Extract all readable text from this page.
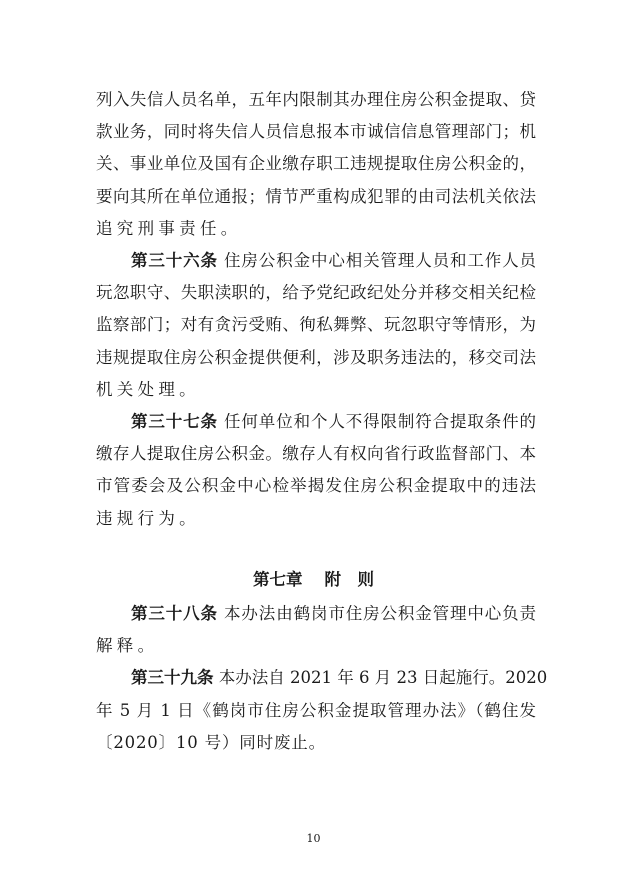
列入失信人员名单，五年内限制其办理住房公积金提取、贷
款业务，同时将失信人员信息报本市诚信信息管理部门；机
关、事业单位及国有企业缴存职工违规提取住房公积金的，
要向其所在单位通报；情节严重构成犯罪的由司法机关依法
追究刑事责任。
第三十六条 住房公积金中心相关管理人员和工作人员
玩忽职守、失职渎职的，给予党纪政纪处分并移交相关纪检
监察部门；对有贪污受贿、徇私舞弊、玩忽职守等情形，为
违规提取住房公积金提供便利，涉及职务违法的，移交司法
机关处理。
第三十七条 任何单位和个人不得限制符合提取条件的
缴存人提取住房公积金。缴存人有权向省行政监督部门、本
市管委会及公积金中心检举揭发住房公积金提取中的违法
违规行为。
第七章 附　则
第三十八条 本办法由鹤岗市住房公积金管理中心负责
解释。
第三十九条 本办法自 2021 年 6 月 23 日起施行。2020
年 5 月 1 日《鹤岗市住房公积金提取管理办法》（鹤住发
〔2020〕10 号）同时废止。
10
